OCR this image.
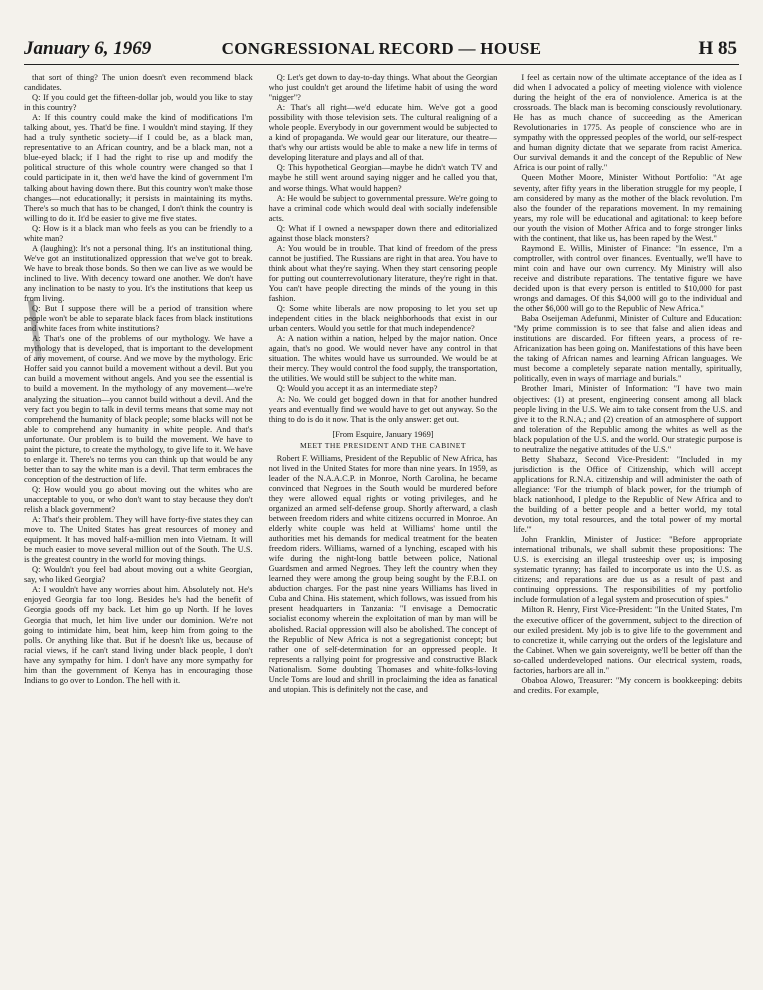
January 6, 1969	CONGRESSIONAL RECORD — HOUSE	H 85

that sort of thing? The union doesn't even recommend black candidates.

Q: If you could get the fifteen-dollar job, would you like to stay in this country?

A: If this country could make the kind of modifications I'm talking about, yes. That'd be fine. I wouldn't mind staying. If they had a truly synthetic society—if I could be, as a black man, representative to an African country, and be a black man, not a blue-eyed black; if I had the right to rise up and modify the political structure of this whole country were changed so that I could participate in it, then we'd have the kind of government I'm talking about having down there. But this country won't make those changes—not educationally; it persists in maintaining its myths. There's so much that has to be changed, I don't think the country is willing to do it. It'd be easier to give me five states.

Q: How is it a black man who feels as you can be friendly to a white man?

A (laughing): It's not a personal thing. It's an institutional thing. We've got an institutionalized oppression that we've got to break. We have to break those bonds. So then we can live as we would be inclined to live. With decency toward one another. We don't have any inclination to be nasty to you. It's the institutions that keep us from living.

Q: But I suppose there will be a period of transition where people won't be able to separate black faces from black institutions and white faces from white institutions?

A: That's one of the problems of our mythology. We have a mythology that is developed, that is important to the development of any movement, of course. And we move by the mythology. Eric Hoffer said you cannot build a movement without a devil. But you can build a movement without angels. And you see the essential is to build a movement. In the mythology of any movement—we're analyzing the situation—you cannot build without a devil. And the very fact you begin to talk in devil terms means that some may not comprehend the humanity of black people; some blacks will not be able to comprehend any humanity in white people. And that's unfortunate. Our problem is to build the movement. We have to paint the picture, to create the mythology, to give life to it. We have to enlarge it. There's no terms you can think up that would be any better than to say the white man is a devil. That term embraces the conception of the destruction of life.

Q: How would you go about moving out the whites who are unacceptable to you, or who don't want to stay because they don't relish a black government?

A: That's their problem. They will have forty-five states they can move to. The United States has great resources of money and equipment. It has moved half-a-million men into Vietnam. It will be much easier to move several million out of the South. The U.S. is the greatest country in the world for moving things.

Q: Wouldn't you feel bad about moving out a white Georgian, say, who liked Georgia?

A: I wouldn't have any worries about him. Absolutely not. He's enjoyed Georgia far too long. Besides he's had the benefit of Georgia goods off my back. Let him go up North. If he loves Georgia that much, let him live under our dominion. We're not going to intimidate him, beat him, keep him from going to the polls. Or anything like that. But if he doesn't like us, because of racial views, if he can't stand living under black people, I don't have any sympathy for him. I don't have any more sympathy for him than the government of Kenya has in encouraging those Indians to go over to London. The hell with it.

Q: Let's get down to day-to-day things. What about the Georgian who just couldn't get around the lifetime habit of using the word "nigger"?

A: That's all right—we'd educate him. We've got a good possibility with those television sets. The cultural realigning of a whole people. Everybody in our government would be subjected to a kind of propaganda. We would gear our literature, our theatre—that's why our artists would be able to make a new life in terms of developing literature and plays and all of that.

Q: This hypothetical Georgian—maybe he didn't watch TV and maybe he still went around saying nigger and he called you that, and worse things. What would happen?

A: He would be subject to governmental pressure. We're going to have a criminal code which would deal with socially indefensible acts.

Q: What if I owned a newspaper down there and editorialized against those black monsters?

A: You would be in trouble. That kind of freedom of the press cannot be justified. The Russians are right in that area. You have to think about what they're saying. When they start censoring people for putting out counterrevolutionary literature, they're right in that. You can't have people directing the minds of the young in this fashion.

Q: Some white liberals are now proposing to let you set up independent cities in the black neighborhoods that exist in our urban centers. Would you settle for that much independence?

A: A nation within a nation, helped by the major nation. Once again, that's no good. We would never have any control in that situation. The whites would have us surrounded. We would be at their mercy. They would control the food supply, the transportation, the utilities. We would still be subject to the white man.

Q: Would you accept it as an intermediate step?

A: No. We could get bogged down in that for another hundred years and eventually find we would have to get out anyway. So the thing to do is do it now. That is the only answer: get out.

[From Esquire, January 1969]

MEET THE PRESIDENT AND THE CABINET

Robert F. Williams, President of the Republic of New Africa, has not lived in the United States for more than nine years. In 1959, as leader of the N.A.A.C.P. in Monroe, North Carolina, he became convinced that Negroes in the South would be murdered before they were allowed equal rights or voting privileges, and he organized an armed self-defense group. Shortly afterward, a clash between freedom riders and white citizens occurred in Monroe. An elderly white couple was held at Williams' home until the authorities met his demands for medical treatment for the beaten freedom riders. Williams, warned of a lynching, escaped with his wife during the night-long battle between police, National Guardsmen and armed Negroes. They left the country when they learned they were among the group being sought by the F.B.I. on abduction charges. For the past nine years Williams has lived in Cuba and China. His statement, which follows, was issued from his present headquarters in Tanzania: "I envisage a Democratic socialist economy wherein the exploitation of man by man will be abolished. Racial oppression will also be abolished. The concept of the Republic of New Africa is not a segregationist concept; but rather one of self-determination for an oppressed people. It represents a rallying point for progressive and constructive Black Nationalism. Some doubting Thomases and white-folks-loving Uncle Toms are loud and shrill in proclaiming the idea as fanatical and utopian. This is definitely not the case, and

I feel as certain now of the ultimate acceptance of the idea as I did when I advocated a policy of meeting violence with violence during the height of the era of nonviolence. America is at the crossroads. The black man is becoming consciously revolutionary. He has as much chance of succeeding as the American Revolutionaries in 1775. As people of conscience who are in sympathy with the oppressed peoples of the world, our self-respect and human dignity dictate that we separate from racist America. Our survival demands it and the concept of the Republic of New Africa is our point of rally."

Queen Mother Moore, Minister Without Portfolio: "At age seventy, after fifty years in the liberation struggle for my people, I am considered by many as the mother of the black revolution. I'm also the founder of the reparations movement. In my remaining years, my role will be educational and agitational: to keep before our youth the vision of Mother Africa and to forge stronger links with the continent, that like us, has been raped by the West."

Raymond E. Willis, Minister of Finance: "In essence, I'm a comptroller, with control over finances. Eventually, we'll have to mint coin and have our own currency. My Ministry will also receive and distribute reparations. The tentative figure we have decided upon is that every person is entitled to $10,000 for past wrongs and damages. Of this $4,000 will go to the individual and the other $6,000 will go to the Republic of New Africa."

Baba Oseijeman Adefunmi, Minister of Culture and Education: "My prime commission is to see that false and alien ideas and institutions are discarded. For fifteen years, a process of re-Africanization has been going on. Manifestations of this have been the taking of African names and learning African languages. We must become a completely separate nation mentally, spiritually, politically, even in ways of marriage and burials."

Brother Imari, Minister of Information: "I have two main objectives: (1) at present, engineering consent among all black people living in the U.S. We aim to take consent from the U.S. and give it to the R.N.A.; and (2) creation of an atmosphere of support and toleration of the Republic among the whites as well as the black population of the U.S. and the world. Our strategic purpose is to neutralize the negative attitudes of the U.S."

Betty Shabazz, Second Vice-President: "Included in my jurisdiction is the Office of Citizenship, which will accept applications for R.N.A. citizenship and will administer the oath of allegiance: 'For the triumph of black power, for the triumph of black nationhood, I pledge to the Republic of New Africa and to the building of a better people and a better world, my total devotion, my total resources, and the total power of my mortal life.'"

John Franklin, Minister of Justice: "Before appropriate international tribunals, we shall submit these propositions: The U.S. is exercising an illegal trusteeship over us; is imposing systematic tyranny; has failed to incorporate us into the U.S. as citizens; and reparations are due us as a result of past and continuing oppressions. The responsibilities of my portfolio include formulation of a legal system and prosecution of spies."

Milton R. Henry, First Vice-President: "In the United States, I'm the executive officer of the government, subject to the direction of our exiled president. My job is to give life to the government and to concretize it, while carrying out the orders of the legislature and the Cabinet. When we gain sovereignty, we'll be better off than the so-called underdeveloped nations. Our electrical system, roads, factories, harbors are all in."

Obaboa Alowo, Treasurer: "My concern is bookkeeping: debits and credits. For example,
